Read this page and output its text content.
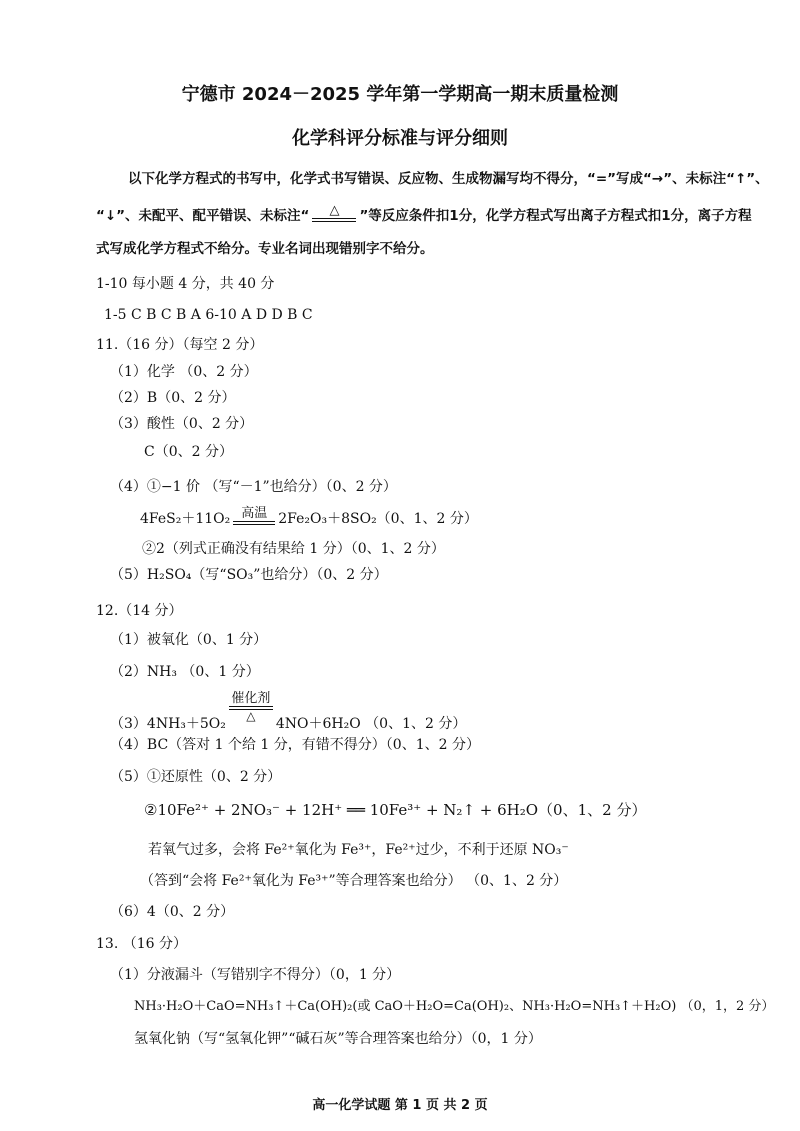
宁德市 2024－2025 学年第一学期高一期末质量检测
化学科评分标准与评分细则
以下化学方程式的书写中，化学式书写错误、反应物、生成物漏写均不得分，“=”写成“→”、未标注“↑”、
“↓”、未配平、配平错误、未标注“	△	”等反应条件扣1分，化学方程式写出离子方程式扣1分，离子方程
式写成化学方程式不给分。专业名词出现错别字不给分。
1-10 每小题 4 分，共 40 分
1-5 C B C B A 6-10 A D D B C
11.（16 分）（每空 2 分）
（1）化学 （0、2 分）
（2）B（0、2 分）
（3）酸性（0、2 分）
C（0、2 分）
（4）①−1 价 （写“－1”也给分）（0、2 分）
4FeS₂＋11O₂ 高温 2Fe₂O₃＋8SO₂（0、1、2 分）
②2（列式正确没有结果给 1 分）（0、1、2 分）
（5）H₂SO₄（写“SO₃”也给分）（0、2 分）
12.（14 分）
（1）被氧化（0、1 分）
（2）NH₃ （0、1 分）
（3）4NH₃＋5O₂
催化剂
△	4NO＋6H₂O （0、1、2 分）
（4）BC（答对 1 个给 1 分，有错不得分）（0、1、2 分）
（5）①还原性（0、2 分）
②10Fe²⁺ + 2NO₃⁻ + 12H⁺ ══ 10Fe³⁺ + N₂↑ + 6H₂O（0、1、2 分）
若氧气过多，会将 Fe²⁺氧化为 Fe³⁺，Fe²⁺过少，不利于还原 NO₃⁻
（答到“会将 Fe²⁺氧化为 Fe³⁺”等合理答案也给分） （0、1、2 分）
（6）4（0、2 分）
13. （16 分）
（1）分液漏斗（写错别字不得分）（0，1 分）
NH₃·H₂O＋CaO=NH₃↑＋Ca(OH)₂(或 CaO＋H₂O=Ca(OH)₂、NH₃·H₂O=NH₃↑＋H₂O) （0，1，2 分）
氢氧化钠（写“氢氧化钾”“碱石灰”等合理答案也给分）（0，1 分）
高一化学试题 第 1 页 共 2 页
